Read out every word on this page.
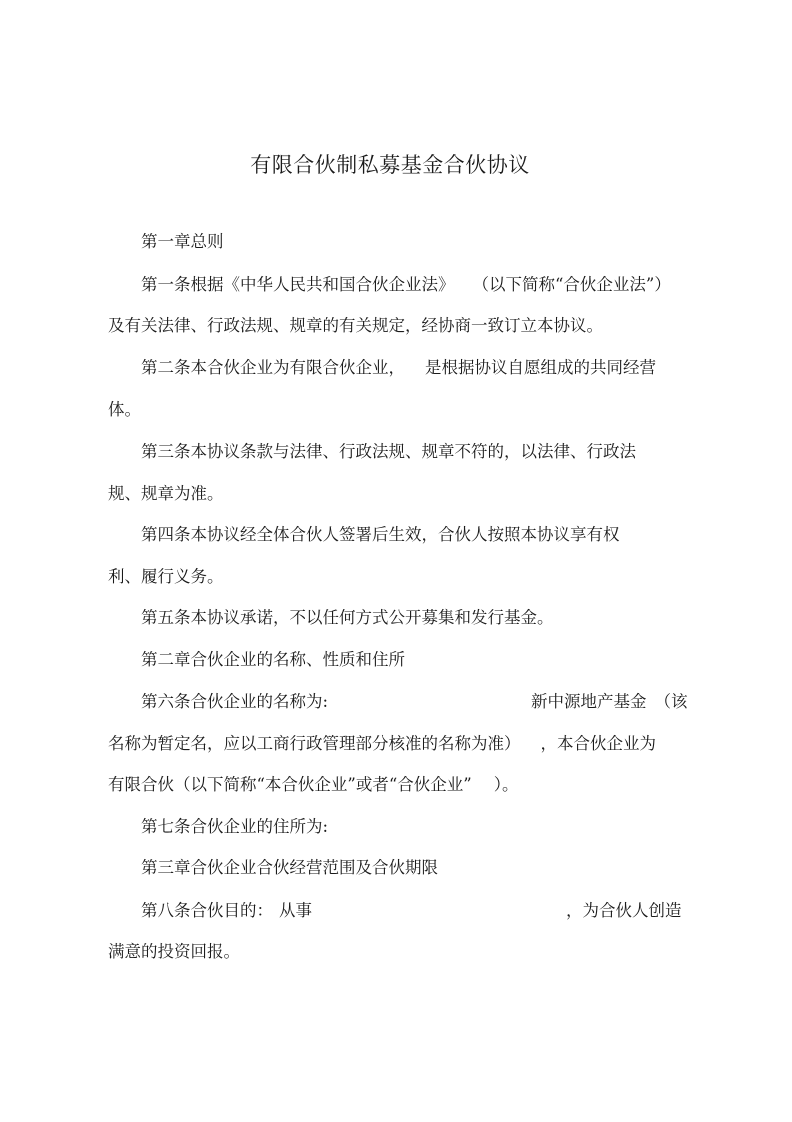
有限合伙制私募基金合伙协议
第一章总则
第一条根据《中华人民共和国合伙企业法》 （以下简称“合伙企业法”）
及有关法律、行政法规、规章的有关规定，经协商一致订立本协议。
第二条本合伙企业为有限合伙企业， 是根据协议自愿组成的共同经营
体。
第三条本协议条款与法律、行政法规、规章不符的，以法律、行政法
规、规章为准。
第四条本协议经全体合伙人签署后生效，合伙人按照本协议享有权
利、履行义务。
第五条本协议承诺，不以任何方式公开募集和发行基金。
第二章合伙企业的名称、性质和住所
第六条合伙企业的名称为:	新中源地产基金 （该
名称为暂定名，应以工商行政管理部分核准的名称为准） ，本合伙企业为
有限合伙（以下简称“本合伙企业”或者“合伙企业” ）。
第七条合伙企业的住所为:
第三章合伙企业合伙经营范围及合伙期限
第八条合伙目的： 从事	，为合伙人创造
满意的投资回报。
